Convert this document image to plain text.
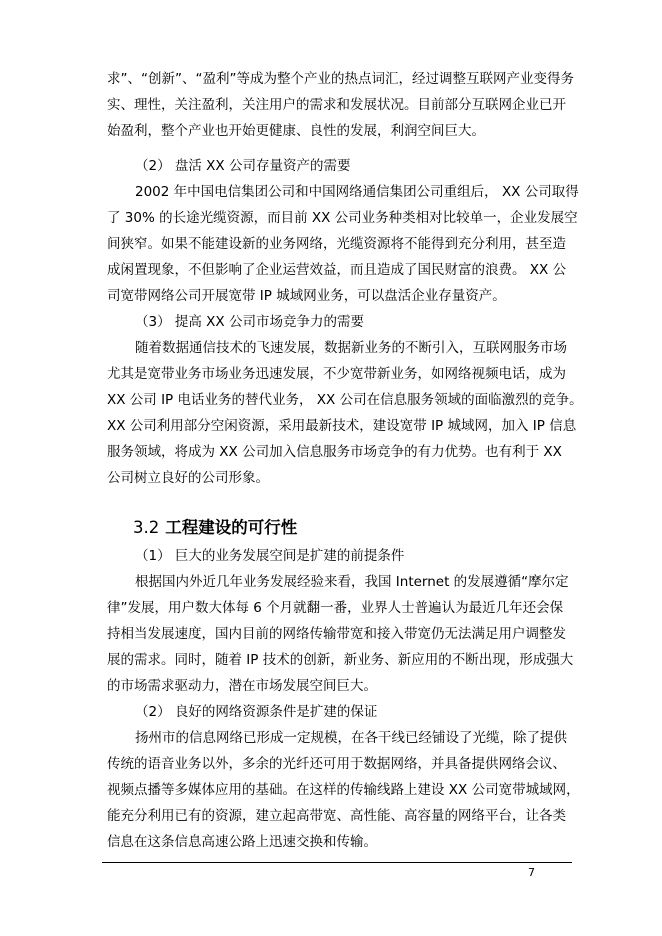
求”、“创新”、“盈利”等成为整个产业的热点词汇，经过调整互联网产业变得务
实、理性，关注盈利，关注用户的需求和发展状况。目前部分互联网企业已开
始盈利，整个产业也开始更健康、良性的发展，利润空间巨大。
（2） 盘活 XX 公司存量资产的需要
2002 年中国电信集团公司和中国网络通信集团公司重组后， XX 公司取得
了 30% 的长途光缆资源，而目前 XX 公司业务种类相对比较单一，企业发展空
间狭窄。如果不能建设新的业务网络，光缆资源将不能得到充分利用，甚至造
成闲置现象，不但影响了企业运营效益，而且造成了国民财富的浪费。 XX 公
司宽带网络公司开展宽带 IP 城域网业务，可以盘活企业存量资产。
（3） 提高 XX 公司市场竞争力的需要
随着数据通信技术的飞速发展，数据新业务的不断引入，互联网服务市场
尤其是宽带业务市场业务迅速发展，不少宽带新业务，如网络视频电话，成为
XX 公司 IP 电话业务的替代业务， XX 公司在信息服务领域的面临激烈的竞争。
XX 公司利用部分空闲资源，采用最新技术，建设宽带 IP 城域网，加入 IP 信息
服务领域，将成为 XX 公司加入信息服务市场竞争的有力优势。也有利于 XX
公司树立良好的公司形象。
3.2 工程建设的可行性
（1） 巨大的业务发展空间是扩建的前提条件
根据国内外近几年业务发展经验来看，我国 Internet 的发展遵循“摩尔定
律”发展，用户数大体每 6 个月就翻一番，业界人士普遍认为最近几年还会保
持相当发展速度，国内目前的网络传输带宽和接入带宽仍无法满足用户调整发
展的需求。同时，随着 IP 技术的创新，新业务、新应用的不断出现，形成强大
的市场需求驱动力，潜在市场发展空间巨大。
（2） 良好的网络资源条件是扩建的保证
扬州市的信息网络已形成一定规模，在各干线已经铺设了光缆，除了提供
传统的语音业务以外，多余的光纤还可用于数据网络，并具备提供网络会议、
视频点播等多媒体应用的基础。在这样的传输线路上建设 XX 公司宽带城域网，
能充分利用已有的资源，建立起高带宽、高性能、高容量的网络平台，让各类
信息在这条信息高速公路上迅速交换和传输。
7
